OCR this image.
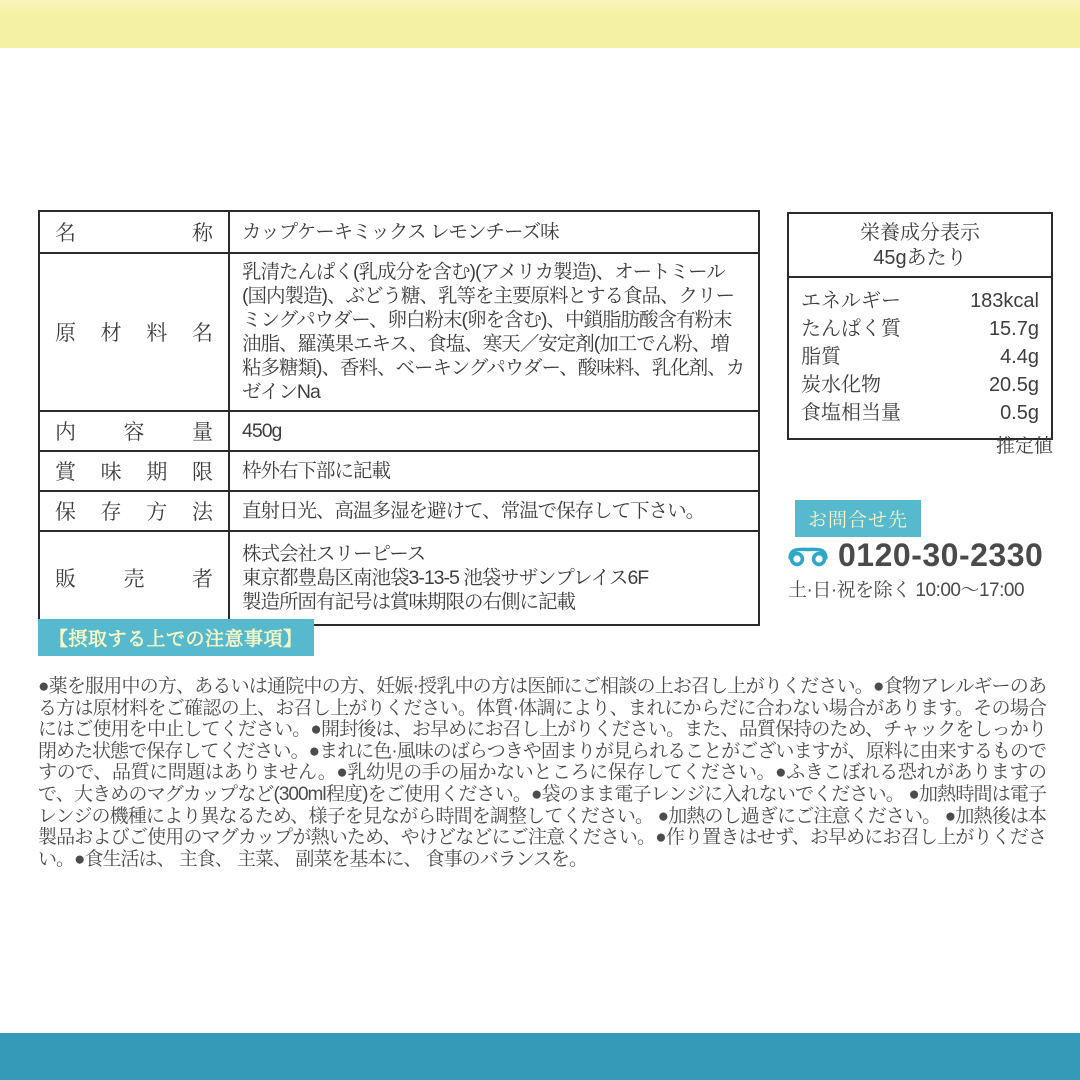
名	称 カップケーキミックス レモンチーズ味
原 材 料 名
乳清たんぱく(乳成分を含む)(アメリカ製造)、オートミール(国内製造)、ぶどう糖、乳等を主要原料とする食品、クリーミングパウダー、卵白粉末(卵を含む)、中鎖脂肪酸含有粉末油脂、羅漢果エキス、食塩、寒天／安定剤(加工でん粉、増粘多糖類)、香料、ベーキングパウダー、酸味料、乳化剤、カゼインNa
内 容 量 450g
賞 味 期 限 枠外右下部に記載
保 存 方 法 直射日光、高温多湿を避けて、常温で保存して下さい。
販 売 者
株式会社スリーピース
東京都豊島区南池袋3-13-5 池袋サザンプレイス6F
製造所固有記号は賞味期限の右側に記載
栄養成分表示
45gあたり
エネルギー	183kcal
たんぱく質	15.7g
脂質	4.4g
炭水化物	20.5g
食塩相当量	0.5g
推定値
お問合せ先
0120-30-2330
土·日·祝を除く 10:00～17:00
【摂取する上での注意事項】
●薬を服用中の方、あるいは通院中の方、妊娠·授乳中の方は医師にご相談の上お召し上がりください。●食物アレルギーのある方は原材料をご確認の上、お召し上がりください。体質·体調により、まれにからだに合わない場合があります。その場合にはご使用を中止してください。●開封後は、お早めにお召し上がりください。また、品質保持のため、チャックをしっかり閉めた状態で保存してください。●まれに色·風味のばらつきや固まりが見られることがございますが、原料に由来するものですので、品質に問題はありません。●乳幼児の手の届かないところに保存してください。●ふきこぼれる恐れがありますので、大きめのマグカップなど(300ml程度)をご使用ください。●袋のまま電子レンジに入れないでください。 ●加熱時間は電子レンジの機種により異なるため、様子を見ながら時間を調整してください。 ●加熱のし過ぎにご注意ください。 ●加熱後は本製品およびご使用のマグカップが熱いため、やけどなどにご注意ください。●作り置きはせず、お早めにお召し上がりください。●食生活は、 主食、 主菜、 副菜を基本に、 食事のバランスを。
